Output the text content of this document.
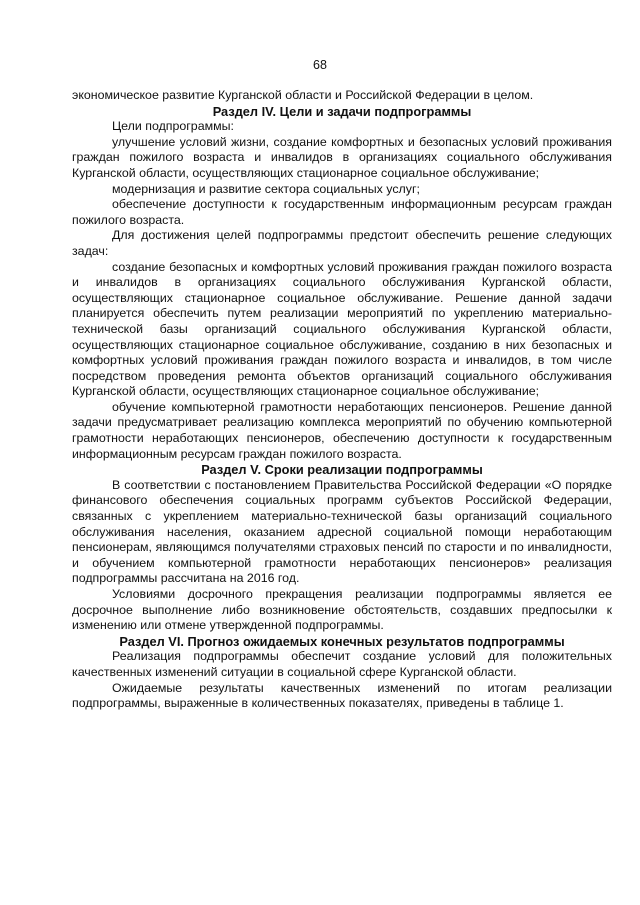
68

экономическое развитие Курганской области и Российской Федерации в целом.

Раздел IV. Цели и задачи подпрограммы

Цели подпрограммы:

улучшение условий жизни, создание комфортных и безопасных условий проживания граждан пожилого возраста и инвалидов в организациях социального обслуживания Курганской области, осуществляющих стационарное социальное обслуживание;

модернизация и развитие сектора социальных услуг;

обеспечение доступности к государственным информационным ресурсам граждан пожилого возраста.

Для достижения целей подпрограммы предстоит обеспечить решение следующих задач:

создание безопасных и комфортных условий проживания граждан пожилого возраста и инвалидов в организациях социального обслуживания Курганской области, осуществляющих стационарное социальное обслуживание. Решение данной задачи планируется обеспечить путем реализации мероприятий по укреплению материально-технической базы организаций социального обслуживания Курганской области, осуществляющих стационарное социальное обслуживание, созданию в них безопасных и комфортных условий проживания граждан пожилого возраста и инвалидов, в том числе посредством проведения ремонта объектов организаций социального обслуживания Курганской области, осуществляющих стационарное социальное обслуживание;

обучение компьютерной грамотности неработающих пенсионеров. Решение данной задачи предусматривает реализацию комплекса мероприятий по обучению компьютерной грамотности неработающих пенсионеров, обеспечению доступности к государственным информационным ресурсам граждан пожилого возраста.

Раздел V. Сроки реализации подпрограммы

В соответствии с постановлением Правительства Российской Федерации «О порядке финансового обеспечения социальных программ субъектов Российской Федерации, связанных с укреплением материально-технической базы организаций социального обслуживания населения, оказанием адресной социальной помощи неработающим пенсионерам, являющимся получателями страховых пенсий по старости и по инвалидности, и обучением компьютерной грамотности неработающих пенсионеров» реализация подпрограммы рассчитана на 2016 год.

Условиями досрочного прекращения реализации подпрограммы является ее досрочное выполнение либо возникновение обстоятельств, создавших предпосылки к изменению или отмене утвержденной подпрограммы.

Раздел VI. Прогноз ожидаемых конечных результатов подпрограммы

Реализация подпрограммы обеспечит создание условий для положительных качественных изменений ситуации в социальной сфере Курганской области.

Ожидаемые результаты качественных изменений по итогам реализации подпрограммы, выраженные в количественных показателях, приведены в таблице 1.
